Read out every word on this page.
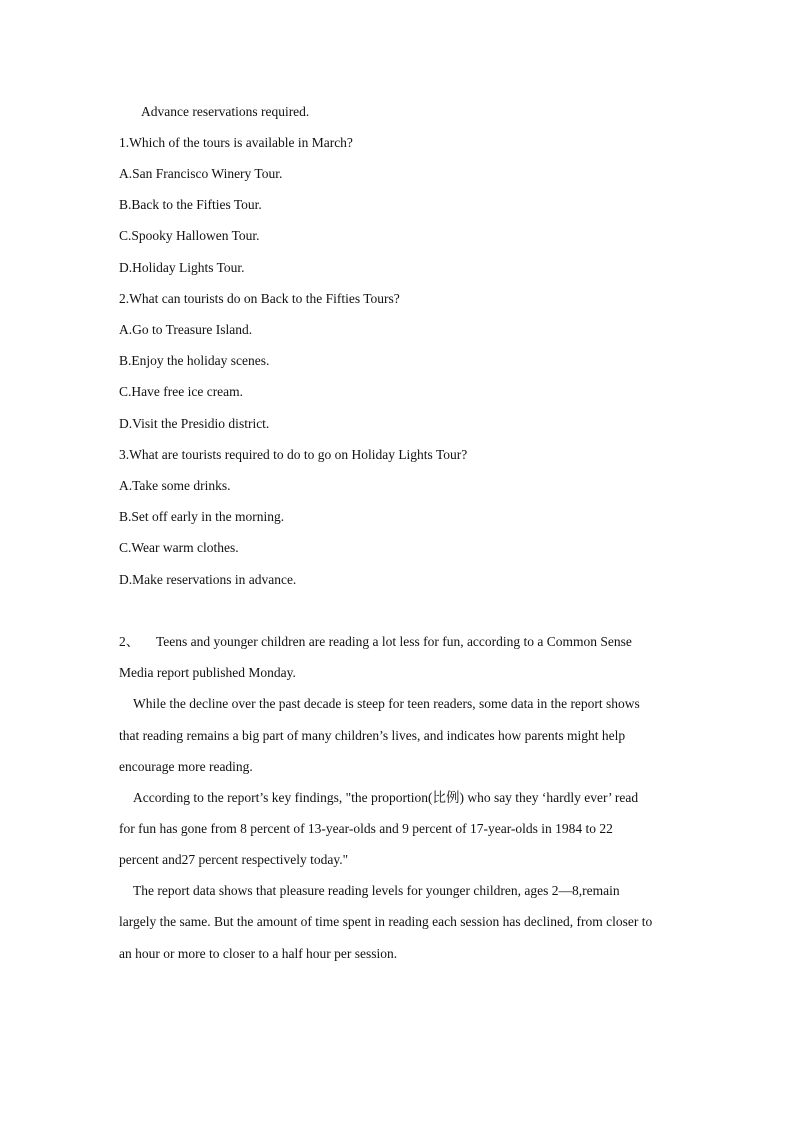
Advance reservations required.
1.Which of the tours is available in March?
A.San Francisco Winery Tour.
B.Back to the Fifties Tour.
C.Spooky Hallowen Tour.
D.Holiday Lights Tour.
2.What can tourists do on Back to the Fifties Tours?
A.Go to Treasure Island.
B.Enjoy the holiday scenes.
C.Have free ice cream.
D.Visit the Presidio district.
3.What are tourists required to do to go on Holiday Lights Tour?
A.Take some drinks.
B.Set off early in the morning.
C.Wear warm clothes.
D.Make reservations in advance.
2、 Teens and younger children are reading a lot less for fun, according to a Common Sense
Media report published Monday.
While the decline over the past decade is steep for teen readers, some data in the report shows
that reading remains a big part of many children’s lives, and indicates how parents might help
encourage more reading.
According to the report’s key findings, "the proportion(比例) who say they ‘hardly ever’ read
for fun has gone from 8 percent of 13-year-olds and 9 percent of 17-year-olds in 1984 to 22
percent and27 percent respectively today."
The report data shows that pleasure reading levels for younger children, ages 2—8,remain
largely the same. But the amount of time spent in reading each session has declined, from closer to
an hour or more to closer to a half hour per session.
